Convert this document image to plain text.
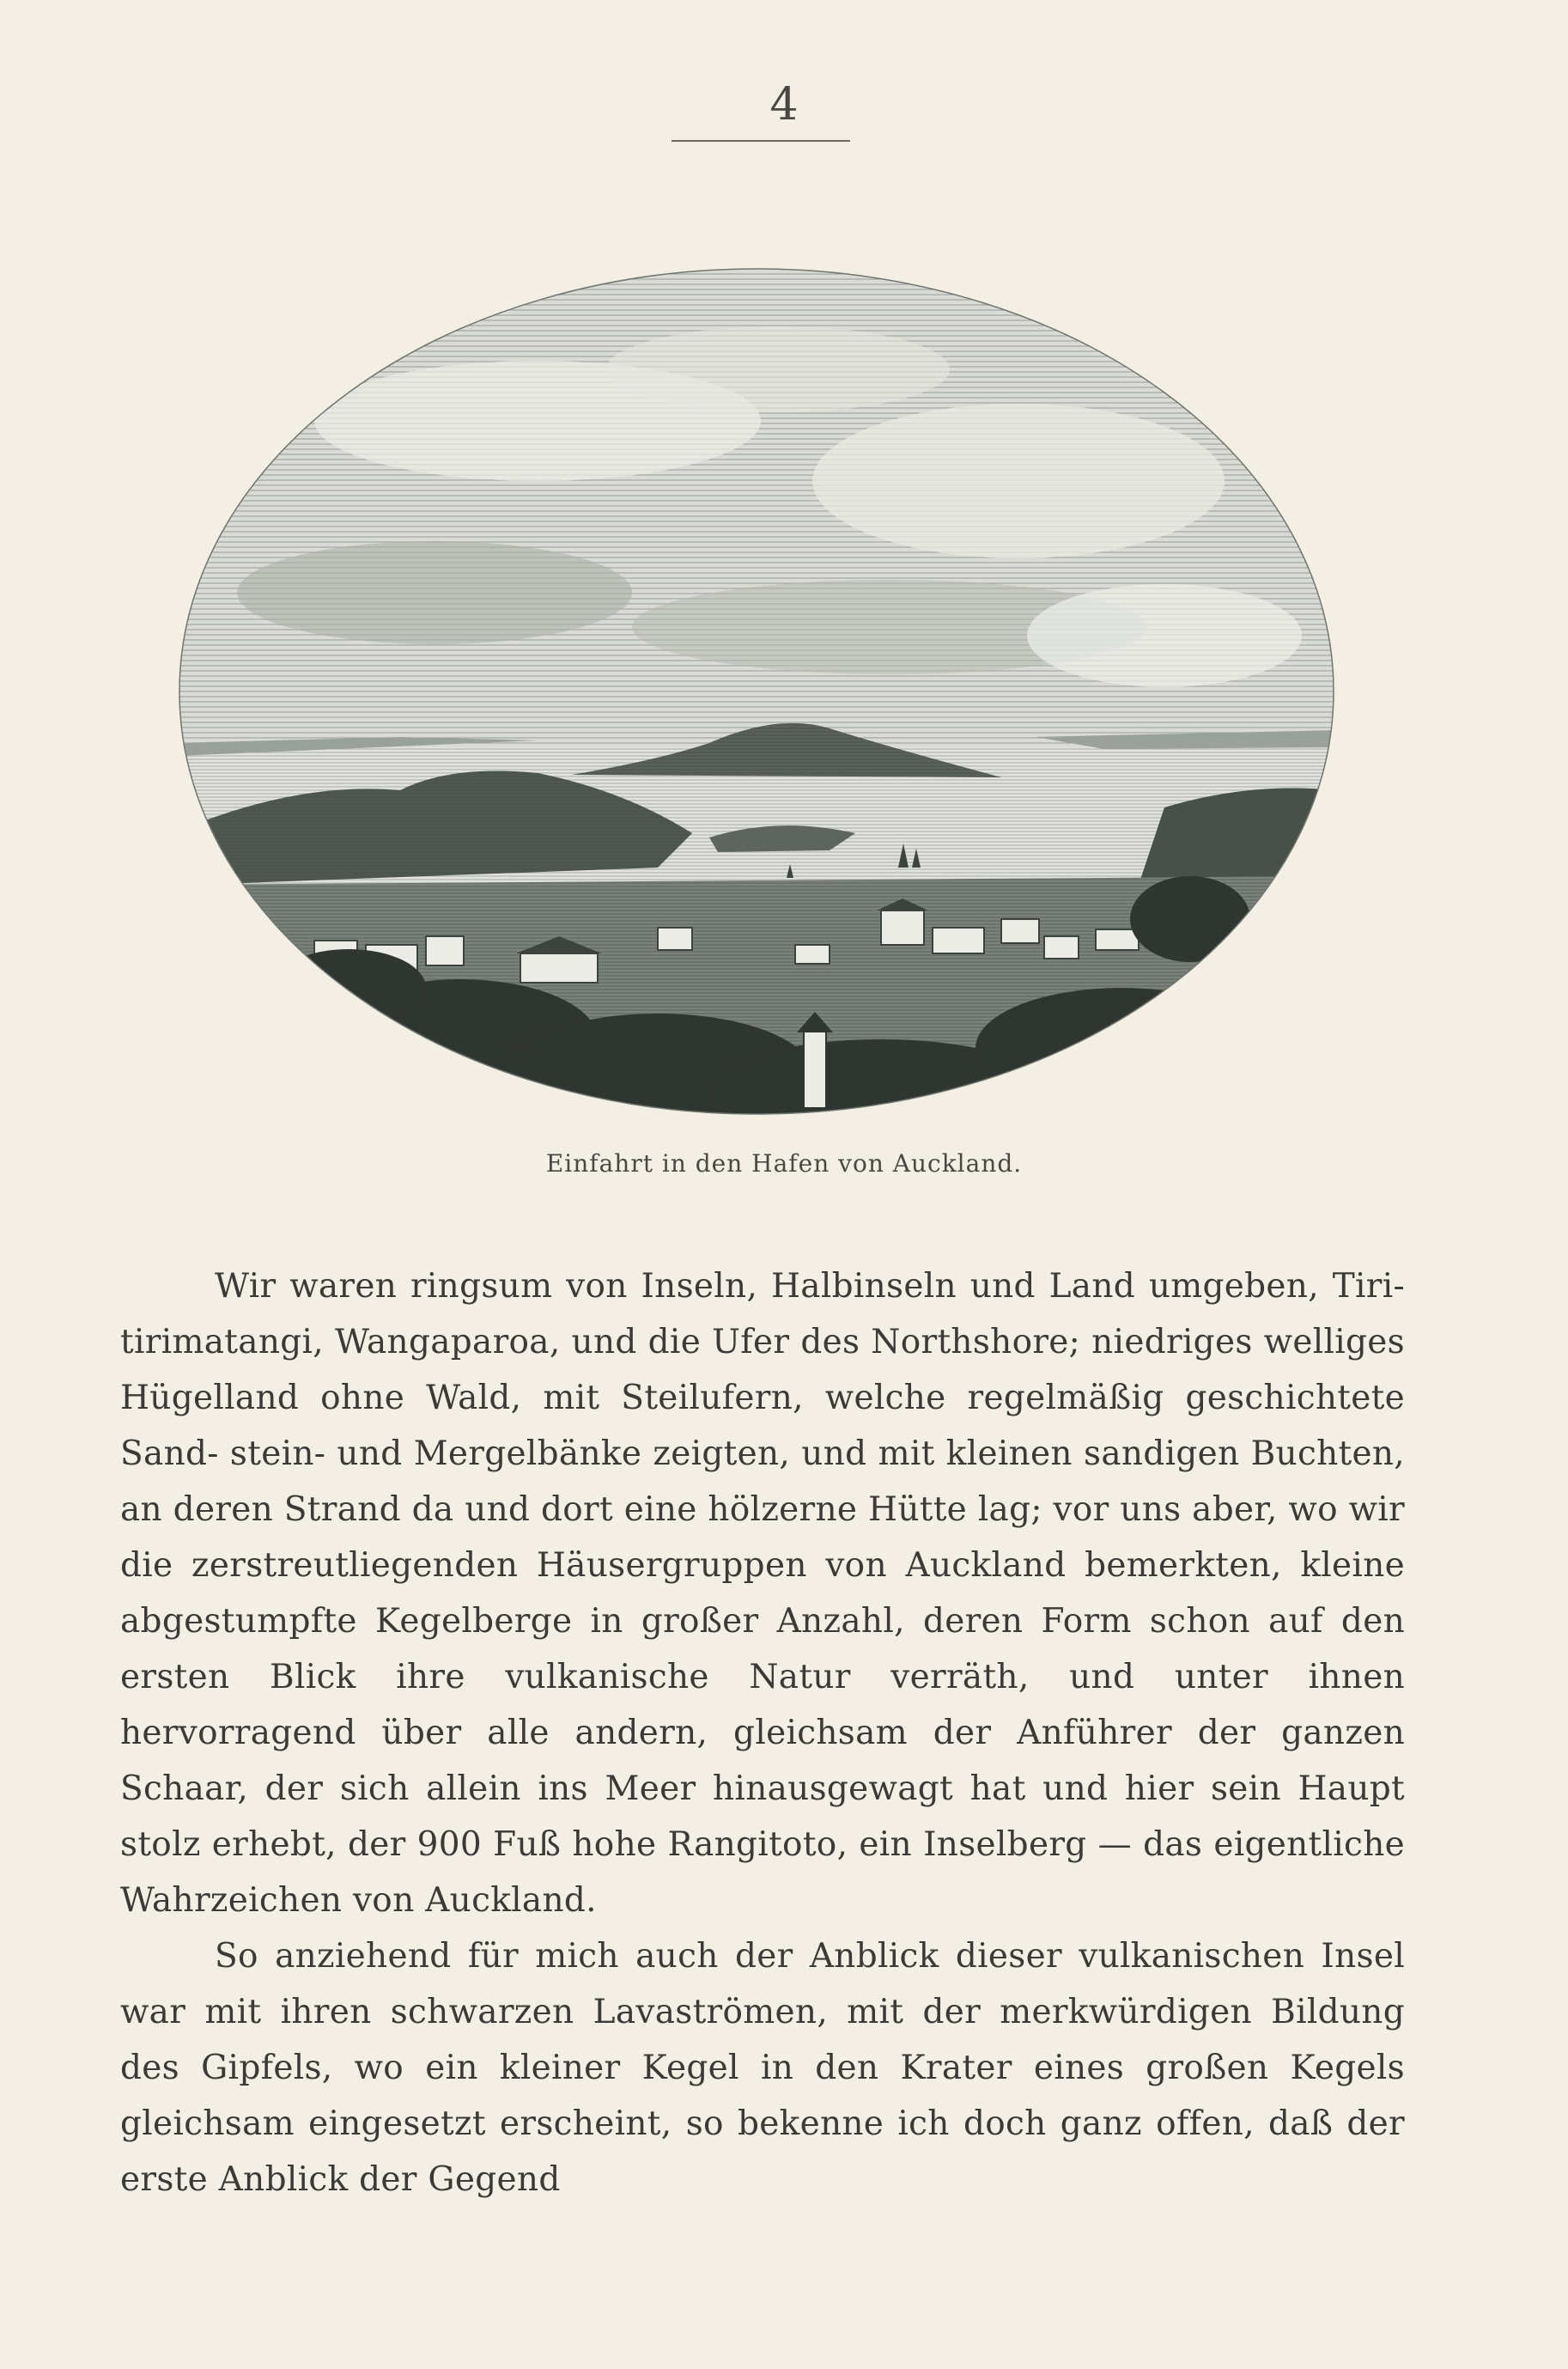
4
Einfahrt in den Hafen von Auckland.

Wir waren ringsum von Inseln, Halbinseln und Land umgeben, Tiri-tirimatangi, Wangaparoa, und die Ufer des Northshore; niedriges welliges Hügelland ohne Wald, mit Steilufern, welche regelmäßig geschichtete Sand- stein- und Mergelbänke zeigten, und mit kleinen sandigen Buchten, an deren Strand da und dort eine hölzerne Hütte lag; vor uns aber, wo wir die zerstreutliegenden Häusergruppen von Auckland bemerkten, kleine abgestumpfte Kegelberge in großer Anzahl, deren Form schon auf den ersten Blick ihre vulkanische Natur verräth, und unter ihnen hervorragend über alle andern, gleichsam der Anführer der ganzen Schaar, der sich allein ins Meer hinausgewagt hat und hier sein Haupt stolz erhebt, der 900 Fuß hohe Rangitoto, ein Inselberg — das eigentliche Wahrzeichen von Auckland.

So anziehend für mich auch der Anblick dieser vulkanischen Insel war mit ihren schwarzen Lavaströmen, mit der merkwürdigen Bildung des Gipfels, wo ein kleiner Kegel in den Krater eines großen Kegels gleichsam eingesetzt erscheint, so bekenne ich doch ganz offen, daß der erste Anblick der Gegend
